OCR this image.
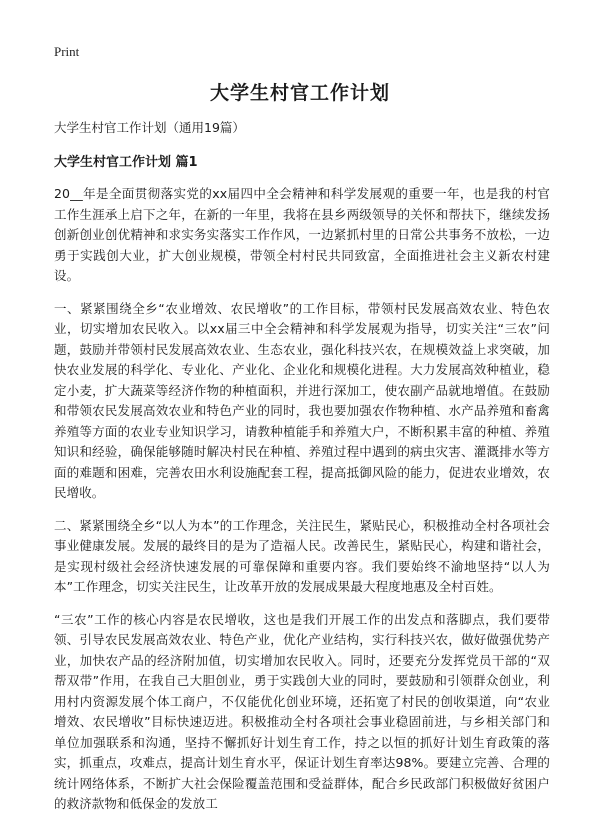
Print
大学生村官工作计划

大学生村官工作计划（通用19篇）

大学生村官工作计划 篇1

20__年是全面贯彻落实党的xx届四中全会精神和科学发展观的重要一年，也是我的村官工作生涯承上启下之年，在新的一年里，我将在县乡两级领导的关怀和帮扶下，继续发扬创新创业创优精神和求实务实落实工作作风，一边紧抓村里的日常公共事务不放松，一边勇于实践创大业，扩大创业规模，带领全村村民共同致富，全面推进社会主义新农村建设。

一、紧紧围绕全乡“农业增效、农民增收”的工作目标，带领村民发展高效农业、特色农业，切实增加农民收入。以xx届三中全会精神和科学发展观为指导，切实关注“三农”问题，鼓励并带领村民发展高效农业、生态农业，强化科技兴农，在规模效益上求突破，加快农业发展的科学化、专业化、产业化、企业化和规模化进程。大力发展高效种植业，稳定小麦，扩大蔬菜等经济作物的种植面积，并进行深加工，使农副产品就地增值。在鼓励和带领农民发展高效农业和特色产业的同时，我也要加强农作物种植、水产品养殖和畜禽养殖等方面的农业专业知识学习，请教种植能手和养殖大户，不断积累丰富的种植、养殖知识和经验，确保能够随时解决村民在种植、养殖过程中遇到的病虫灾害、灌溉排水等方面的难题和困难，完善农田水利设施配套工程，提高抵御风险的能力，促进农业增效，农民增收。

二、紧紧围绕全乡“以人为本”的工作理念，关注民生，紧贴民心，积极推动全村各项社会事业健康发展。发展的最终目的是为了造福人民。改善民生，紧贴民心，构建和谐社会，是实现村级社会经济快速发展的可靠保障和重要内容。我们要始终不渝地坚持“以人为本”工作理念，切实关注民生，让改革开放的发展成果最大程度地惠及全村百姓。

“三农”工作的核心内容是农民增收，这也是我们开展工作的出发点和落脚点，我们要带领、引导农民发展高效农业、特色产业，优化产业结构，实行科技兴农，做好做强优势产业，加快农产品的经济附加值，切实增加农民收入。同时，还要充分发挥党员干部的“双帮双带”作用，在我自己大胆创业，勇于实践创大业的同时，要鼓励和引领群众创业，利用村内资源发展个体工商户，不仅能优化创业环境，还拓宽了村民的创收渠道，向“农业增效、农民增收”目标快速迈进。积极推动全村各项社会事业稳固前进，与乡相关部门和单位加强联系和沟通，坚持不懈抓好计划生育工作，持之以恒的抓好计划生育政策的落实，抓重点，攻难点，提高计划生育水平，保证计划生育率达98%。要建立完善、合理的统计网络体系，不断扩大社会保险覆盖范围和受益群体，配合乡民政部门积极做好贫困户的救济款物和低保金的发放工
